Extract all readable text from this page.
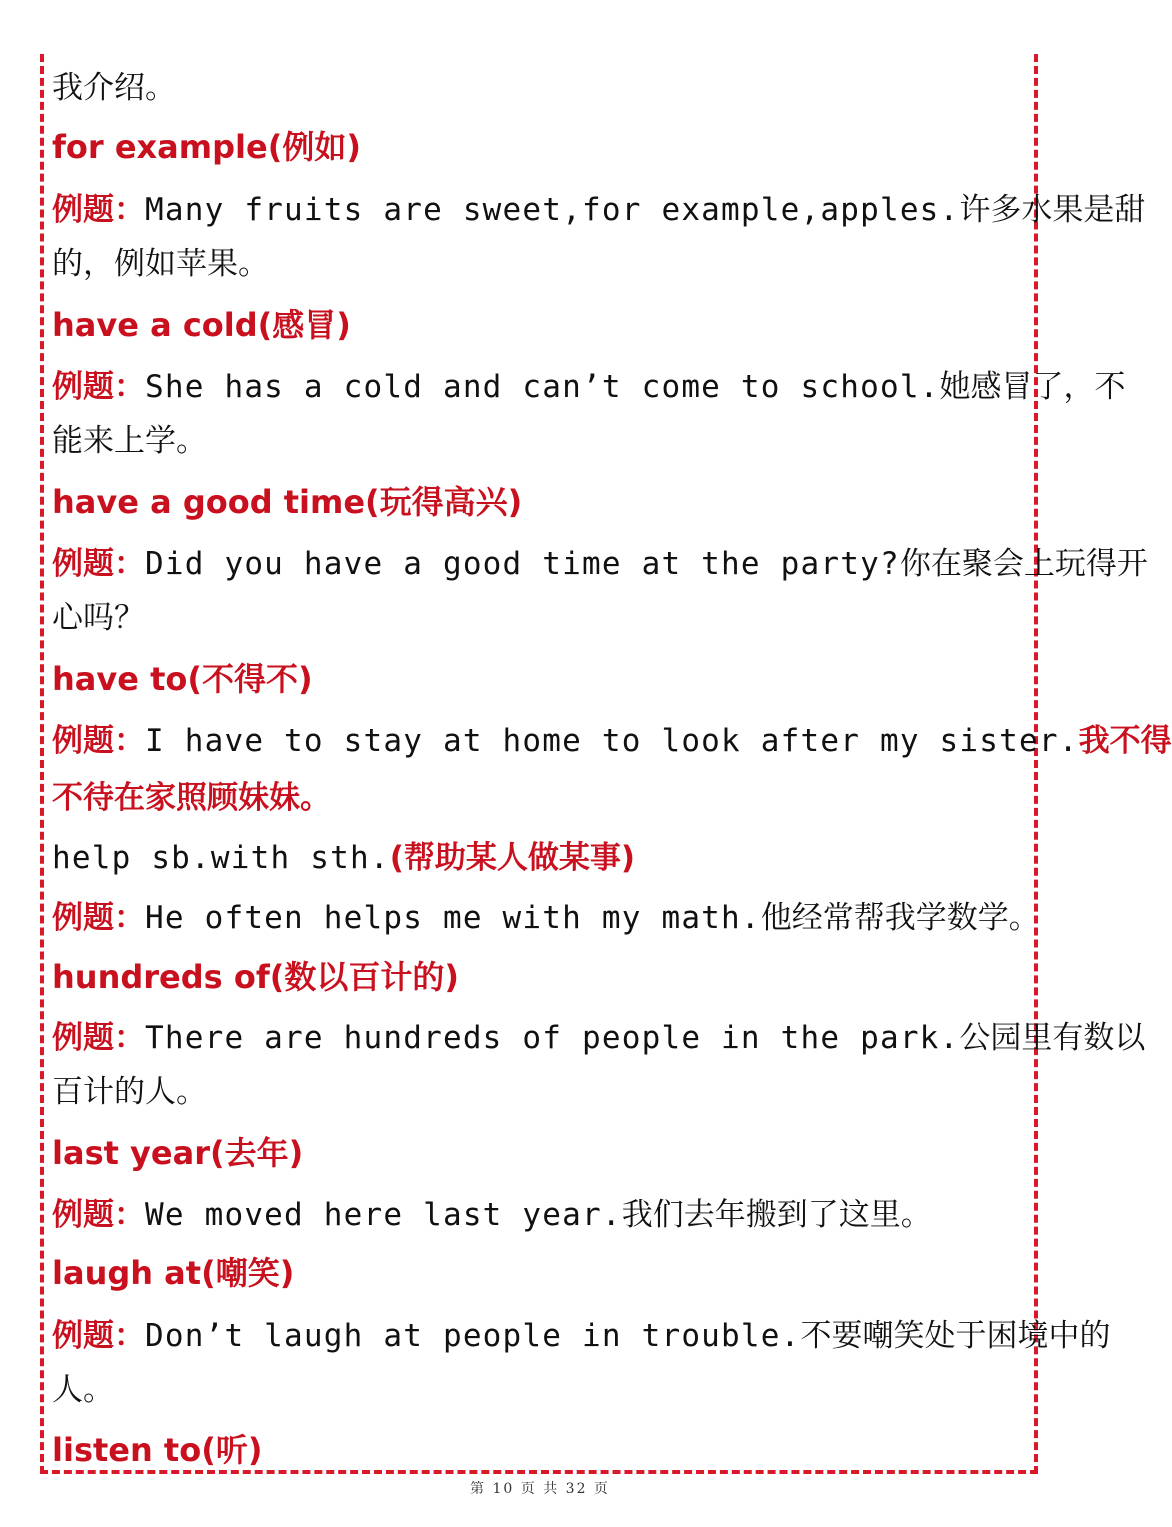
我介绍。
for example(例如)
例题：Many fruits are sweet,for example,apples.许多水果是甜
的，例如苹果。
have a cold(感冒)
例题：She has a cold and can’t come to school.她感冒了，不
能来上学。
have a good time(玩得高兴)
例题：Did you have a good time at the party?你在聚会上玩得开
心吗？
have to(不得不)
例题：I have to stay at home to look after my sister.我不得
不待在家照顾妹妹。
help sb.with sth.(帮助某人做某事)
例题：He often helps me with my math.他经常帮我学数学。
hundreds of(数以百计的)
例题：There are hundreds of people in the park.公园里有数以
百计的人。
last year(去年)
例题：We moved here last year.我们去年搬到了这里。
laugh at(嘲笑)
例题：Don’t laugh at people in trouble.不要嘲笑处于困境中的
人。
listen to(听)
第 10 页 共 32 页
